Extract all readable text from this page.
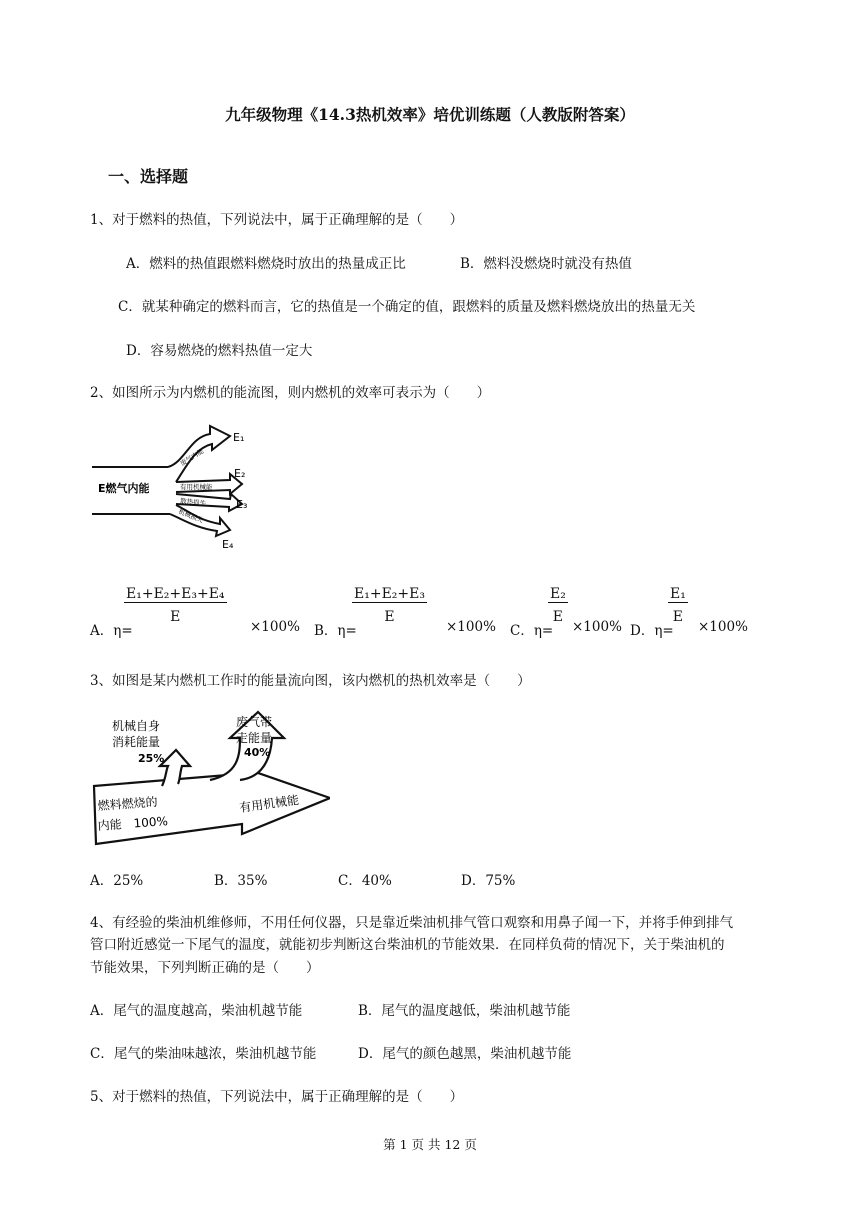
九年级物理《14.3热机效率》培优训练题（人教版附答案）
一、选择题
1、对于燃料的热值，下列说法中，属于正确理解的是（　　）
A．燃料的热值跟燃料燃烧时放出的热量成正比	B．燃料没燃烧时就没有热值
C．就某种确定的燃料而言，它的热值是一个确定的值，跟燃料的质量及燃料燃烧放出的热量无关
D．容易燃烧的燃料热值一定大
2、如图所示为内燃机的能流图，则内燃机的效率可表示为（　　）
E燃气内能
废气内能
有用机械能
散热损失
机械损失
E₁
E₂
E₃
E₄
A．η=
$\frac{\text{E₁+E₂+E₃+E₄}}{E}$
×100% B．η=
$\frac{\text{E₁+E₂+E₃}}{E}$
×100% C．η=
$\frac{\text{E₂}}{E}$
×100% D．η=
$\frac{\text{E₁}}{E}$
×100%
3、如图是某内燃机工作时的能量流向图，该内燃机的热机效率是（　　）
燃料燃烧的
内能　100%
机械自身
消耗能量
25%
废气带
走能量
40%
有用机械能
A．25%	B．35%	C．40%	D．75%
4、有经验的柴油机维修师，不用任何仪器，只是靠近柴油机排气管口观察和用鼻子闻一下，并将手伸到排气
管口附近感觉一下尾气的温度，就能初步判断这台柴油机的节能效果．在同样负荷的情况下，关于柴油机的
节能效果，下列判断正确的是（　　）
A．尾气的温度越高，柴油机越节能	B．尾气的温度越低，柴油机越节能
C．尾气的柴油味越浓，柴油机越节能	D．尾气的颜色越黑，柴油机越节能
5、对于燃料的热值，下列说法中，属于正确理解的是（　　）
第 1 页 共 12 页
